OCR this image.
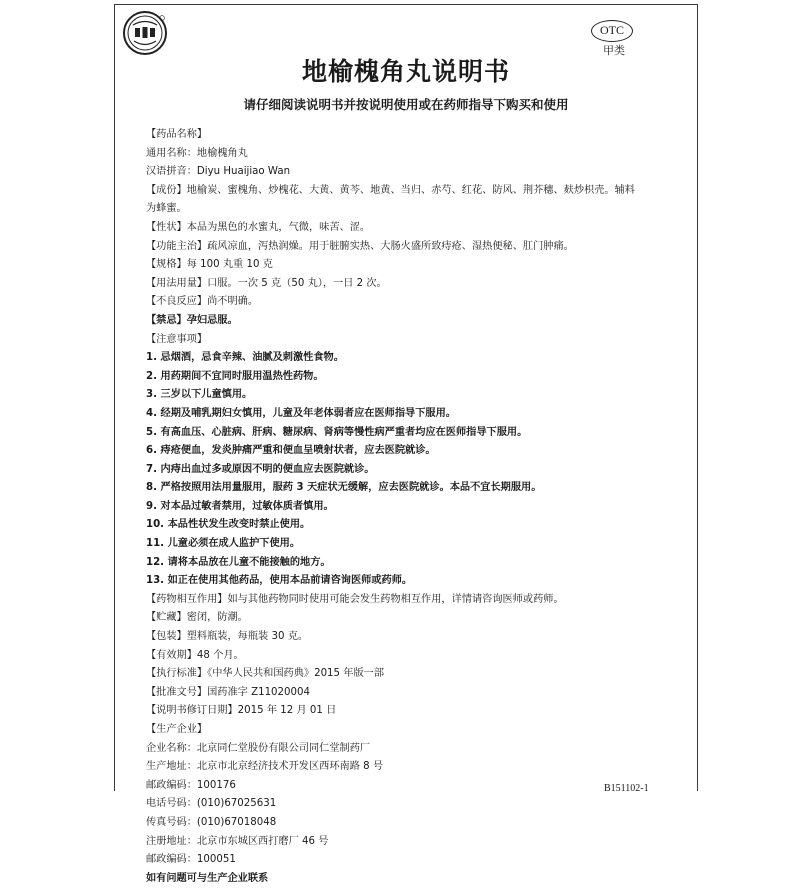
OTC
甲类
地榆槐角丸说明书
请仔细阅读说明书并按说明使用或在药师指导下购买和使用
【药品名称】
通用名称：地榆槐角丸
汉语拼音：Diyu Huaijiao Wan
【成份】地榆炭、蜜槐角、炒槐花、大黄、黄芩、地黄、当归、赤芍、红花、防风、荆芥穗、麸炒枳壳。辅料
为蜂蜜。
【性状】本品为黑色的水蜜丸，气微，味苦、涩。
【功能主治】疏风凉血，泻热润燥。用于脏腑实热、大肠火盛所致痔疮、湿热便秘、肛门肿痛。
【规格】每 100 丸重 10 克
【用法用量】口服。一次 5 克（50 丸），一日 2 次。
【不良反应】尚不明确。
【禁忌】孕妇忌服。
【注意事项】
1. 忌烟酒，忌食辛辣、油腻及刺激性食物。
2. 用药期间不宜同时服用温热性药物。
3. 三岁以下儿童慎用。
4. 经期及哺乳期妇女慎用，儿童及年老体弱者应在医师指导下服用。
5. 有高血压、心脏病、肝病、糖尿病、肾病等慢性病严重者均应在医师指导下服用。
6. 痔疮便血，发炎肿痛严重和便血呈喷射状者，应去医院就诊。
7. 内痔出血过多或原因不明的便血应去医院就诊。
8. 严格按照用法用量服用，服药 3 天症状无缓解，应去医院就诊。本品不宜长期服用。
9. 对本品过敏者禁用，过敏体质者慎用。
10. 本品性状发生改变时禁止使用。
11. 儿童必须在成人监护下使用。
12. 请将本品放在儿童不能接触的地方。
13. 如正在使用其他药品，使用本品前请咨询医师或药师。
【药物相互作用】如与其他药物同时使用可能会发生药物相互作用，详情请咨询医师或药师。
【贮藏】密闭，防潮。
【包装】塑料瓶装，每瓶装 30 克。
【有效期】48 个月。
【执行标准】《中华人民共和国药典》2015 年版一部
【批准文号】国药准字 Z11020004
【说明书修订日期】2015 年 12 月 01 日
【生产企业】
企业名称：北京同仁堂股份有限公司同仁堂制药厂
生产地址：北京市北京经济技术开发区西环南路 8 号
邮政编码：100176
电话号码：(010)67025631
传真号码：(010)67018048
注册地址：北京市东城区西打磨厂 46 号
邮政编码：100051
如有问题可与生产企业联系
B151102-1
